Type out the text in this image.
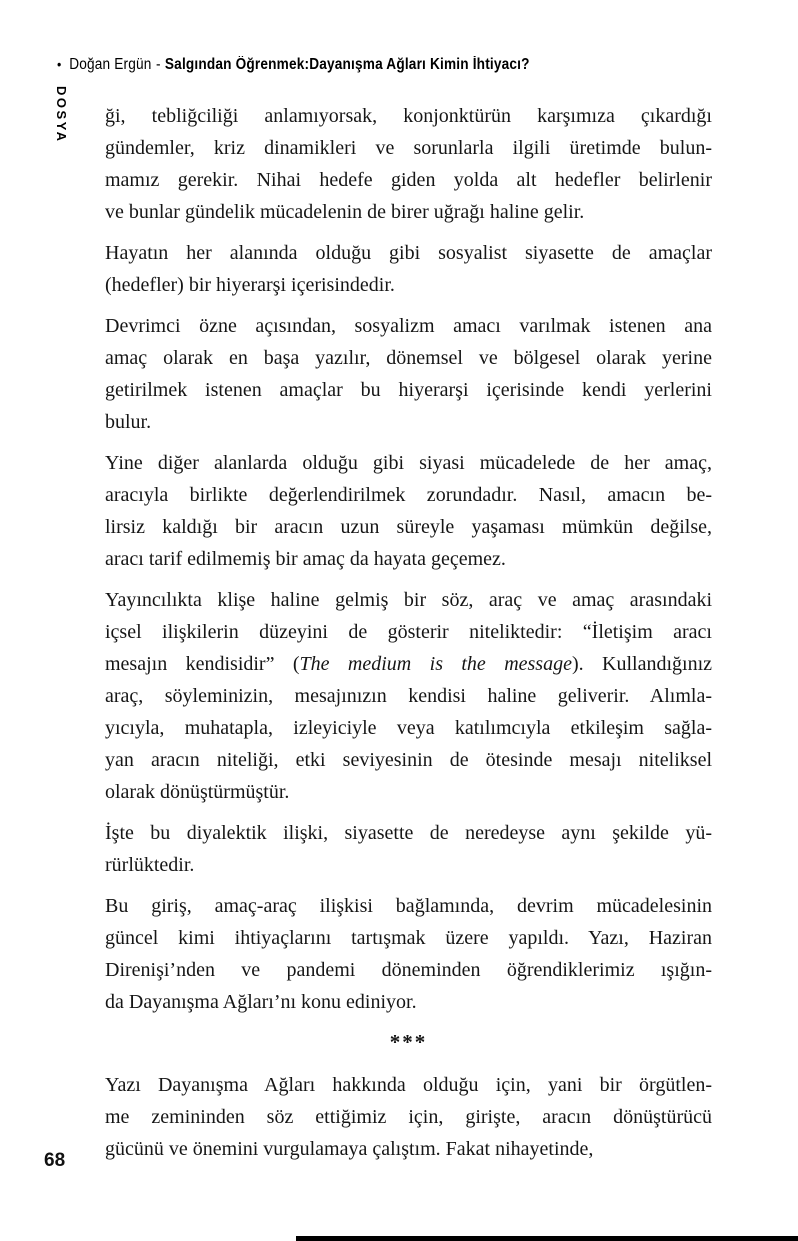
• Doğan Ergün - Salgından Öğrenmek:Dayanışma Ağları Kimin İhtiyacı?
DOSYA ği, tebliğciliği anlamıyorsak, konjonktürün karşımıza çıkardığı
gündemler, kriz dinamikleri ve sorunlarla ilgili üretimde bulun-
mamız gerekir. Nihai hedefe giden yolda alt hedefler belirlenir
ve bunlar gündelik mücadelenin de birer uğrağı haline gelir.
Hayatın her alanında olduğu gibi sosyalist siyasette de amaçlar
(hedefler) bir hiyerarşi içerisindedir.
Devrimci özne açısından, sosyalizm amacı varılmak istenen ana
amaç olarak en başa yazılır, dönemsel ve bölgesel olarak yerine
getirilmek istenen amaçlar bu hiyerarşi içerisinde kendi yerlerini
bulur.
Yine diğer alanlarda olduğu gibi siyasi mücadelede de her amaç,
aracıyla birlikte değerlendirilmek zorundadır. Nasıl, amacın be-
lirsiz kaldığı bir aracın uzun süreyle yaşaması mümkün değilse,
aracı tarif edilmemiş bir amaç da hayata geçemez.
Yayıncılıkta klişe haline gelmiş bir söz, araç ve amaç arasındaki
içsel ilişkilerin düzeyini de gösterir niteliktedir: “İletişim aracı
mesajın kendisidir” (The medium is the message). Kullandığınız
araç, söyleminizin, mesajınızın kendisi haline geliverir. Alımla-
yıcıyla, muhatapla, izleyiciyle veya katılımcıyla etkileşim sağla-
yan aracın niteliği, etki seviyesinin de ötesinde mesajı niteliksel
olarak dönüştürmüştür.
İşte bu diyalektik ilişki, siyasette de neredeyse aynı şekilde yü-
rürlüktedir.
Bu giriş, amaç-araç ilişkisi bağlamında, devrim mücadelesinin
güncel kimi ihtiyaçlarını tartışmak üzere yapıldı. Yazı, Haziran
Direnişi’nden ve pandemi döneminden öğrendiklerimiz ışığın-
da Dayanışma Ağları’nı konu ediniyor.
***
Yazı Dayanışma Ağları hakkında olduğu için, yani bir örgütlen-
me zemininden söz ettiğimiz için, girişte, aracın dönüştürücü
gücünü ve önemini vurgulamaya çalıştım. Fakat nihayetinde,
68
